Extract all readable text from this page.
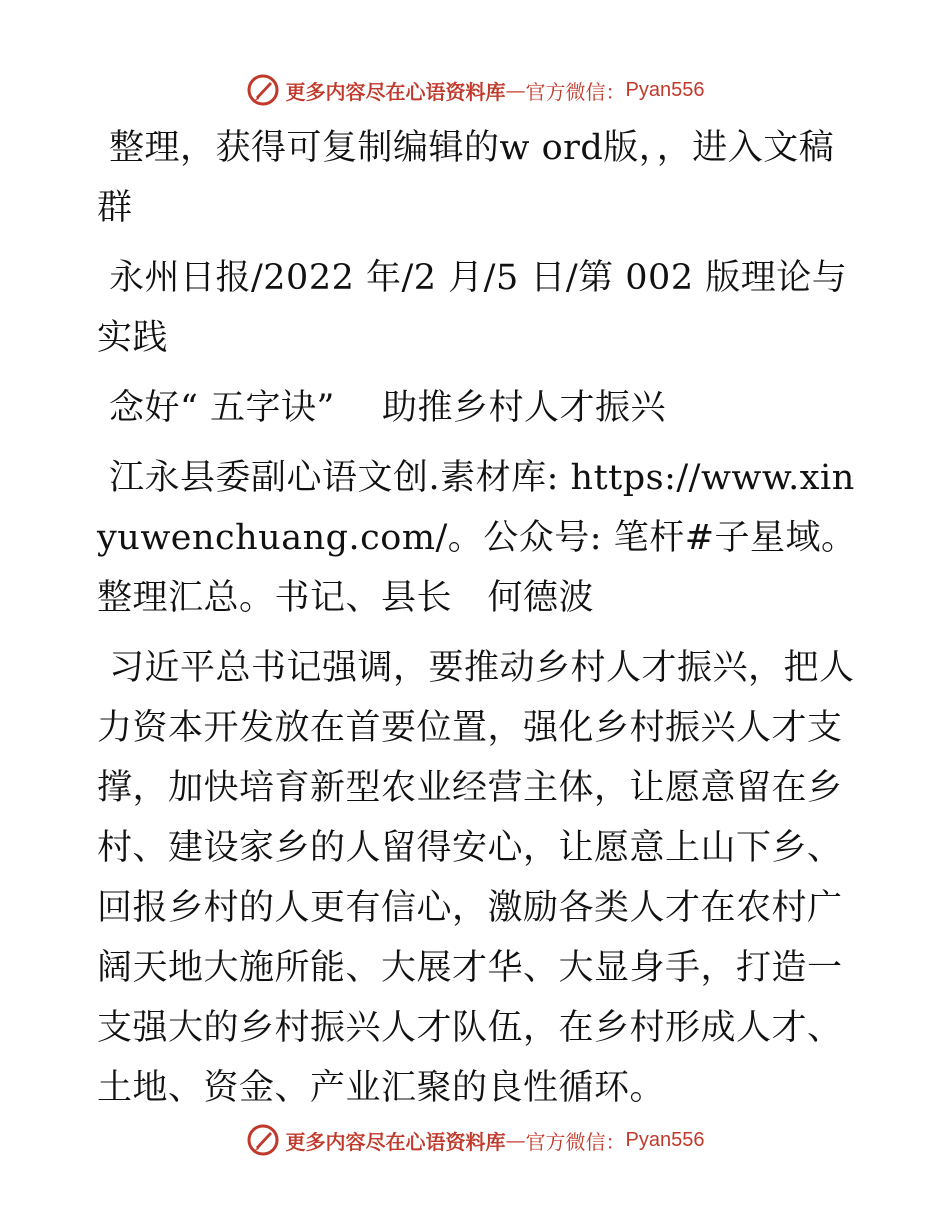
更多内容尽在心语资料库 — 官方微信： Pyan556

整理，获得可复制编辑的w ord版，，进入文稿群

永州日报/2022 年/2 月/5 日/第 002 版理论与实践

念好“ 五字诀”　 助推乡村人才振兴

江永县委副心语文创.素材库: https://www.xinyuwenchuang.com/。公众号: 笔杆#子星域。整理汇总。书记、县长　何德波

习近平总书记强调，要推动乡村人才振兴，把人力资本开发放在首要位置，强化乡村振兴人才支撑，加快培育新型农业经营主体，让愿意留在乡村、建设家乡的人留得安心，让愿意上山下乡、回报乡村的人更有信心，激励各类人才在农村广阔天地大施所能、大展才华、大显身手，打造一支强大的乡村振兴人才队伍，在乡村形成人才、土地、资金、产业汇聚的良性循环。

更多内容尽在心语资料库 — 官方微信： Pyan556
